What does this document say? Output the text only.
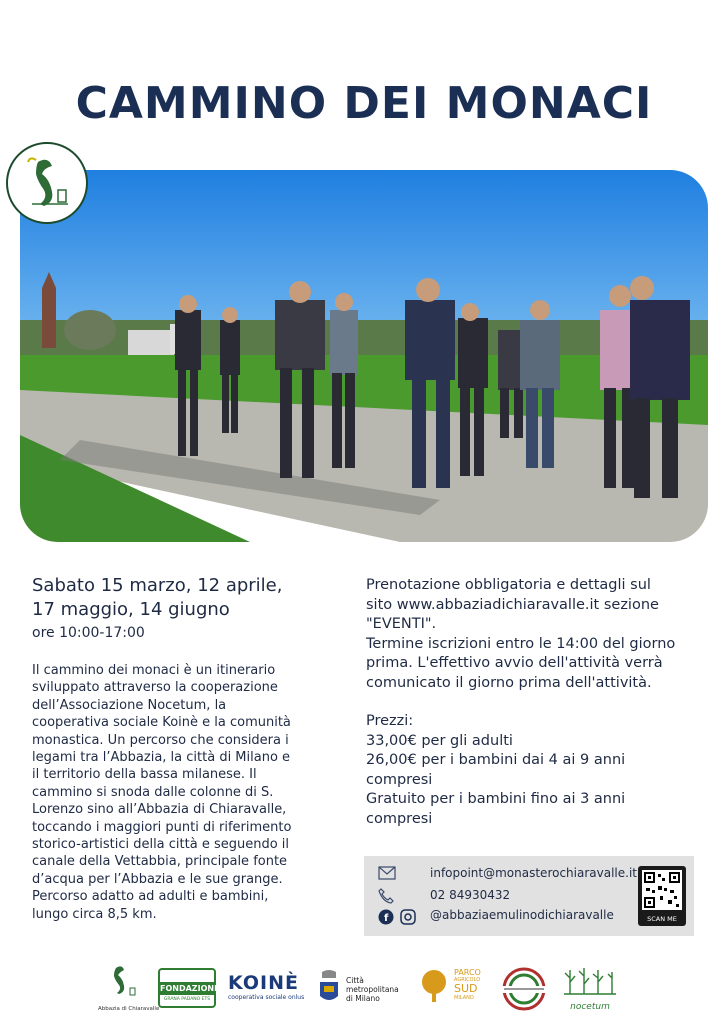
CAMMINO DEI MONACI
Sabato 15 marzo, 12 aprile,
17 maggio, 14 giugno
ore 10:00-17:00
Il cammino dei monaci è un itinerario
sviluppato attraverso la cooperazione
dell’Associazione Nocetum, la
cooperativa sociale Koinè e la comunità
monastica. Un percorso che considera i
legami tra l’Abbazia, la città di Milano e
il territorio della bassa milanese. Il
cammino si snoda dalle colonne di S.
Lorenzo sino all’Abbazia di Chiaravalle,
toccando i maggiori punti di riferimento
storico-artistici della città e seguendo il
canale della Vettabbia, principale fonte
d’acqua per l’Abbazia e le sue grange.
Percorso adatto ad adulti e bambini,
lungo circa 8,5 km.

Prenotazione obbligatoria e dettagli sul

sito www.abbaziadichiaravalle.it sezione

"EVENTI".

Termine iscrizioni entro le 14:00 del giorno

prima. L'effettivo avvio dell'attività verrà

comunicato il giorno prima dell'attività.

Prezzi:

33,00€ per gli adulti

26,00€ per i bambini dai 4 ai 9 anni

compresi

Gratuito per i bambini fino ai 3 anni

compresi

infopoint@monasterochiaravalle.it
02 84930432
f	@abbaziaemulinodichiaravalle	SCAN ME
Abbazia di Chiaravalle
FONDAZIONE
GRANA PADANO ETS
KOINÈ
cooperativa sociale onlus
Città
metropolitana
di Milano
PARCO
AGRICOLO
SUD
MILANO
nocetum
